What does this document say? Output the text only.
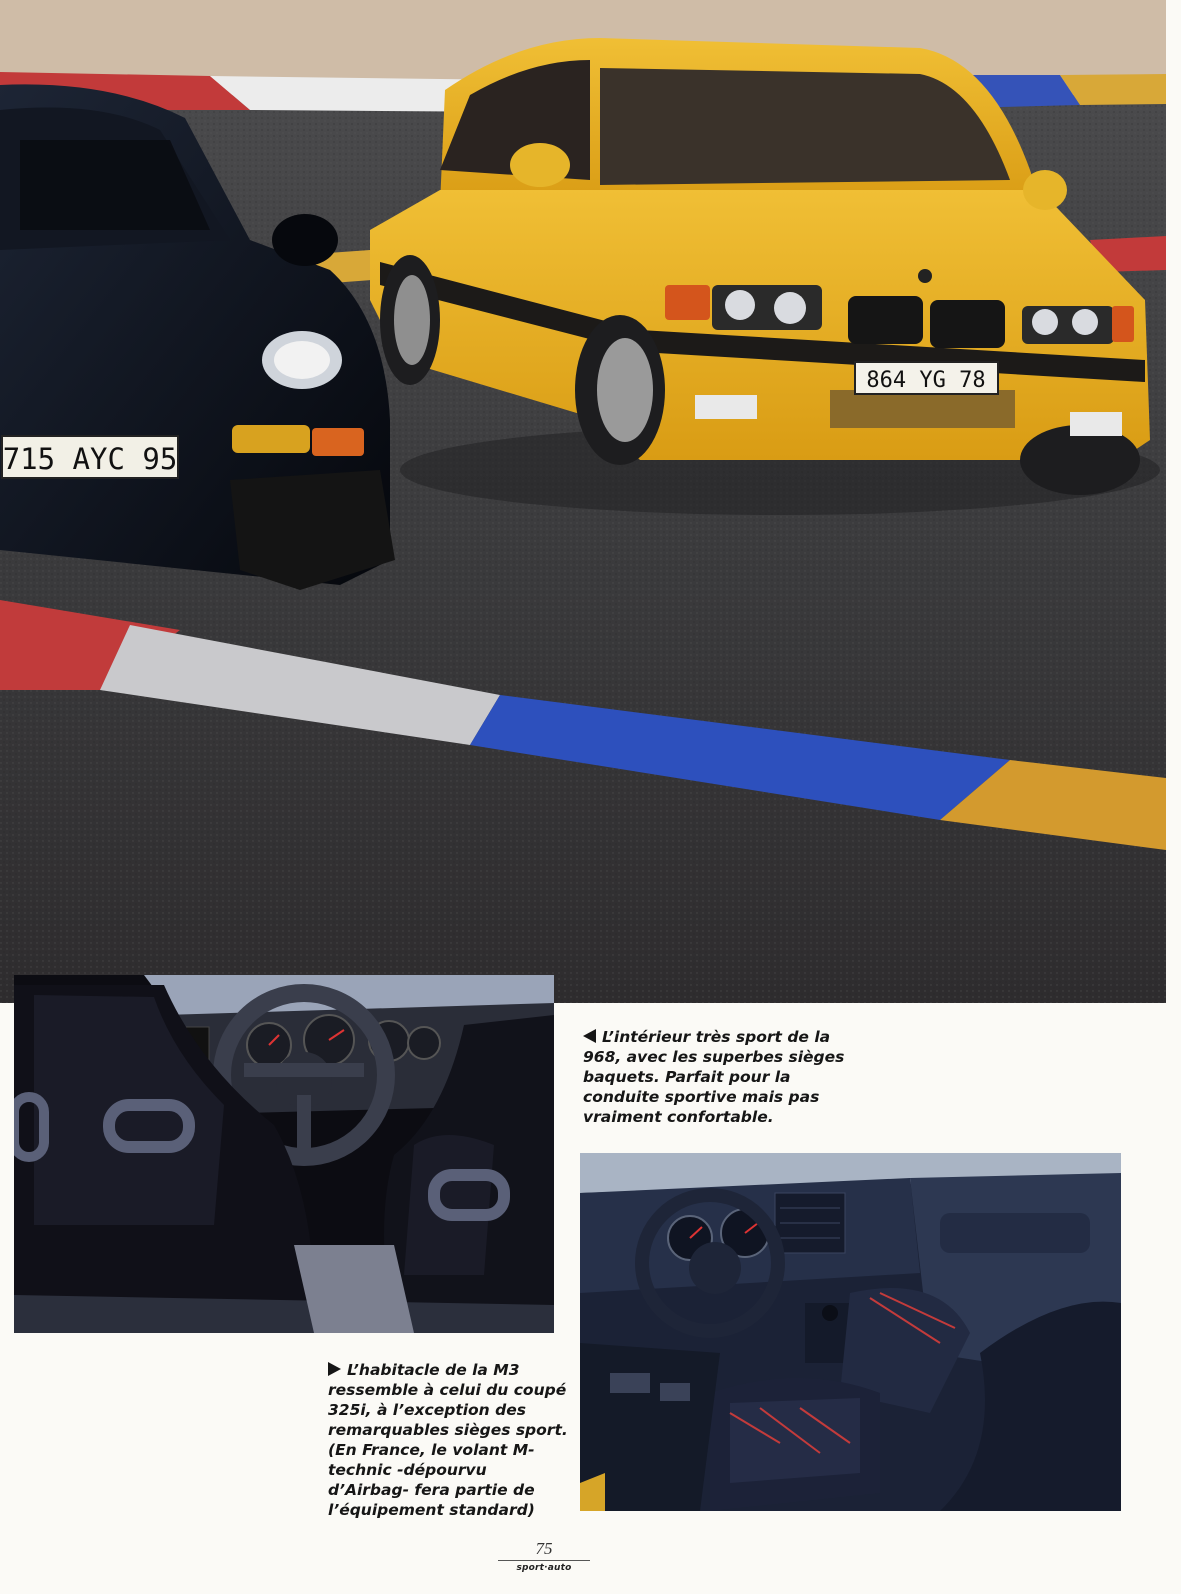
864 YG 78
715 AYC 95

L’intérieur très sport de la
968, avec les superbes sièges
baquets. Parfait pour la
conduite sportive mais pas
vraiment confortable.

L’habitacle de la M3
ressemble à celui du coupé
325i, à l’exception des
remarquables sièges sport.
(En France, le volant M-
technic -dépourvu
d’Airbag- fera partie de
l’équipement standard)

75
sport·auto
